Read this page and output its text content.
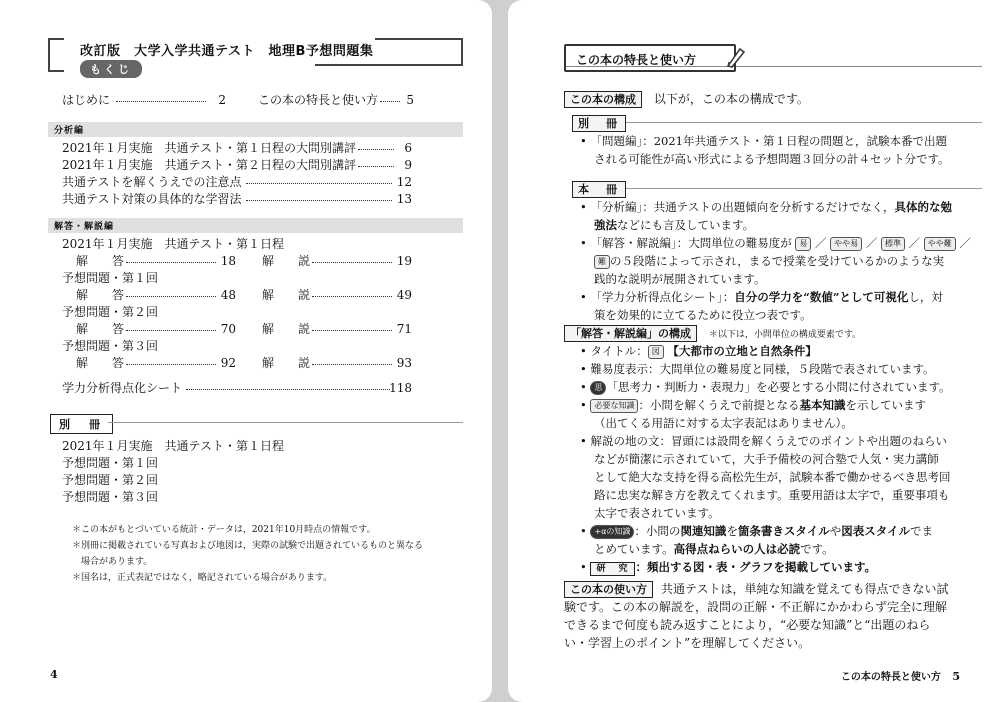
改訂版　大学入学共通テスト　地理B予想問題集
もくじ
はじめに	2	この本の特長と使い方	5
分析編
2021年１月実施　共通テスト・第１日程の大問別講評	6
2021年１月実施　共通テスト・第２日程の大問別講評	9
共通テストを解くうえでの注意点	12
共通テスト対策の具体的な学習法	13
解答・解説編
2021年１月実施　共通テスト・第１日程
解　　答	18 解　　説	19
予想問題・第１回
解　　答	48 解　　説	49
予想問題・第２回
解　　答	70 解　　説	71
予想問題・第３回
解　　答	92 解　　説	93
学力分析得点化シート	118
別　冊
2021年１月実施　共通テスト・第１日程
予想問題・第１回
予想問題・第２回
予想問題・第３回
＊この本がもとづいている統計・データは，2021年10月時点の情報です。
＊別冊に掲載されている写真および地図は，実際の試験で出題されているものと異なる
　場合があります。
＊国名は，正式表記ではなく，略記されている場合があります。
4
この本の特長と使い方
この本の構成 以下が，この本の構成です。
別　冊
• 「問題編」：2021年共通テスト・第１日程の問題と，試験本番で出題
される可能性が高い形式による予想問題３回分の計４セット分です。
本　冊
• 「分析編」：共通テストの出題傾向を分析するだけでなく，具体的な勉
強法などにも言及しています。
• 「解答・解説編」：大問単位の難易度が 易 ／ やや易 ／ 標準 ／ やや難 ／
難 の５段階によって示され，まるで授業を受けているかのような実
践的な説明が展開されています。
• 「学力分析得点化シート」：自分の学力を“数値”として可視化し，対
策を効果的に立てるために役立つ表です。
「解答・解説編」の構成 ＊以下は，小問単位の構成要素です。
• タイトル： 図 【大都市の立地と自然条件】
• 難易度表示：大問単位の難易度と同様，５段階で表されています。
• 思 「思考力・判断力・表現力」を必要とする小問に付されています。
• 必要な知識 ：小問を解くうえで前提となる基本知識を示しています
（出てくる用語に対する太字表記はありません）。
• 解説の地の文：冒頭には設問を解くうえでのポイントや出題のねらい
などが簡潔に示されていて，大手予備校の河合塾で人気・実力講師
として絶大な支持を得る高松先生が，試験本番で働かせるべき思考回
路に忠実な解き方を教えてくれます。重要用語は太字で，重要事項も
太字で表されています。
• +αの知識 ：小問の関連知識を箇条書きスタイルや図表スタイルでま
とめています。高得点ねらいの人は必読です。
• 研　究 ：頻出する図・表・グラフを掲載しています。
この本の使い方 共通テストは，単純な知識を覚えても得点できない試
験です。この本の解説を，設問の正解・不正解にかかわらず完全に理解
できるまで何度も読み返すことにより，“必要な知識”と“出題のねら
い・学習上のポイント”を理解してください。
この本の特長と使い方 5
